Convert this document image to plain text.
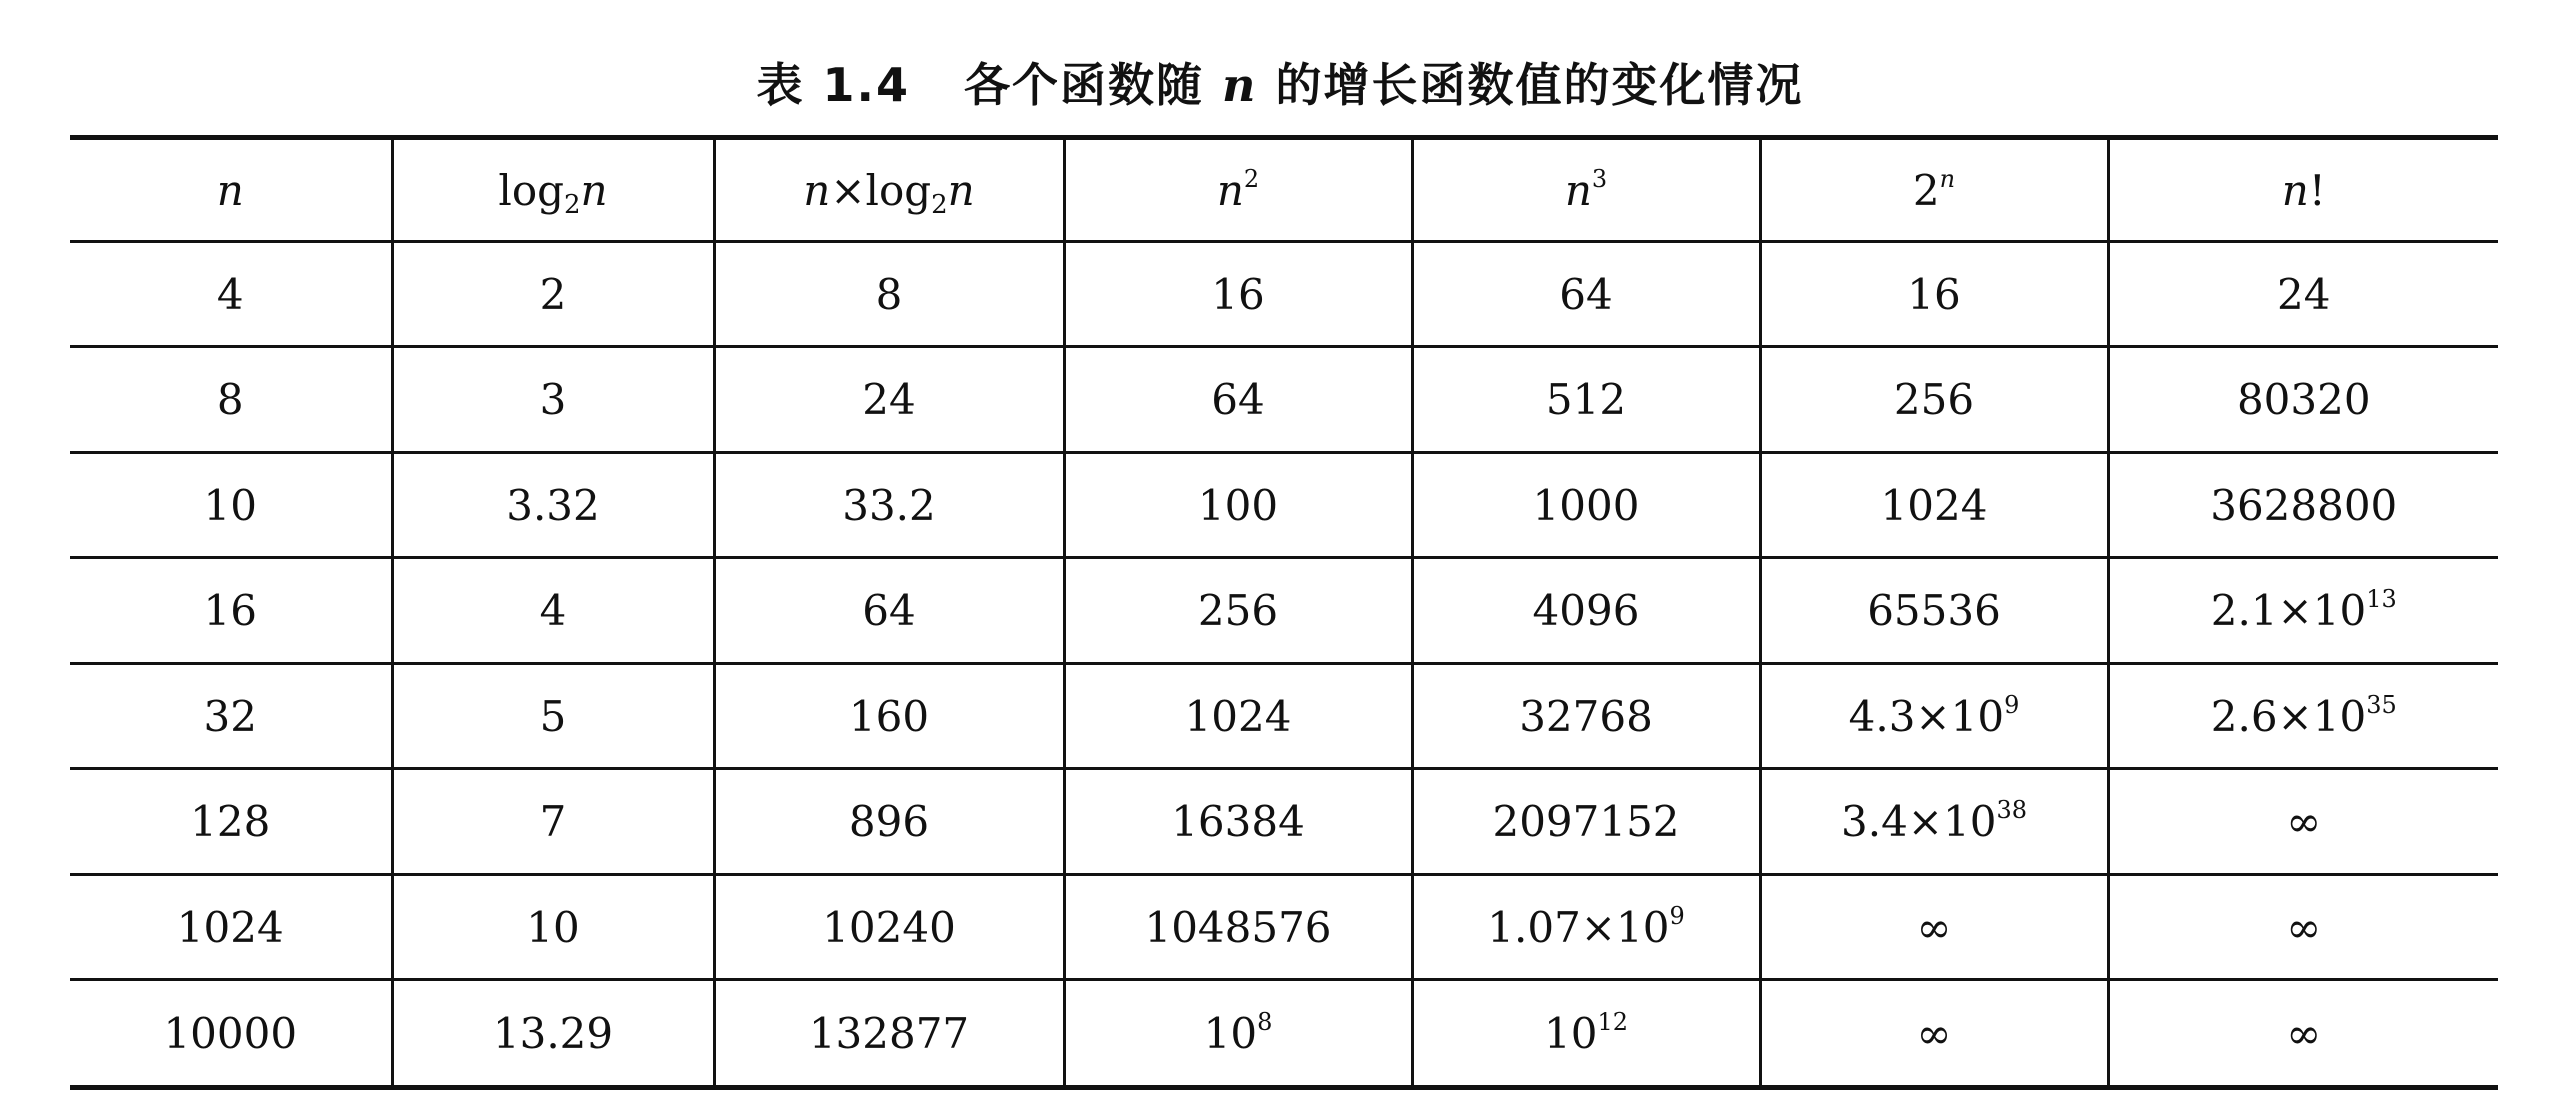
表 1.4 各个函数随 n 的增长函数值的变化情况
n	$\log_2n$	$n\times\log_2n$	$n^2$	$n^3$	2$^n$	n!
4	2	8	16	64	16	24
8	3	24	64	512	256	80320
10	3.32	33.2	100	1000	1024	3628800
16	4	64	256	4096	65536	$2.1\times 10^{13}$
32	5	160	1024	32768	$4.3\times 10^9$	$2.6\times 10^{35}$
128	7	896	16384	2097152	$3.4\times 10^{38}$	∞
1024	10	10240	1048576	$1.07\times 10^9$	∞	∞
10000	13.29	132877	$10^8$	$10^{12}$	∞	∞
